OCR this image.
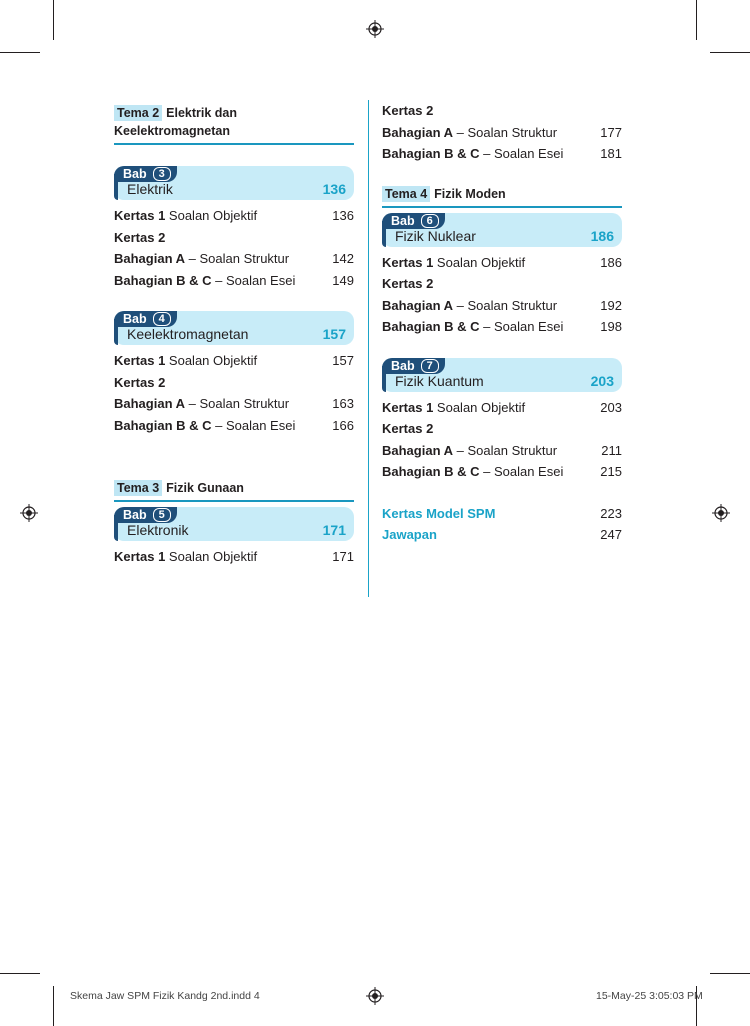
Tema 2 Elektrik dan
Keelektromagnetan
Bab 3
Elektrik	136
Kertas 1 Soalan Objektif	136
Kertas 2
Bahagian A – Soalan Struktur	142
Bahagian B & C – Soalan Esei	149
Bab 4
Keelektromagnetan	157
Kertas 1 Soalan Objektif	157
Kertas 2
Bahagian A – Soalan Struktur	163
Bahagian B & C – Soalan Esei	166
Tema 3 Fizik Gunaan
Bab 5
Elektronik	171
Kertas 1 Soalan Objektif	171
Kertas 2
Bahagian A – Soalan Struktur	177
Bahagian B & C – Soalan Esei	181
Tema 4 Fizik Moden
Bab 6
Fizik Nuklear	186
Kertas 1 Soalan Objektif	186
Kertas 2
Bahagian A – Soalan Struktur	192
Bahagian B & C – Soalan Esei	198
Bab 7
Fizik Kuantum	203
Kertas 1 Soalan Objektif	203
Kertas 2
Bahagian A – Soalan Struktur	211
Bahagian B & C – Soalan Esei	215
Kertas Model SPM	223
Jawapan	247
Skema Jaw SPM Fizik Kandg 2nd.indd 4	15-May-25 3:05:03 PM
